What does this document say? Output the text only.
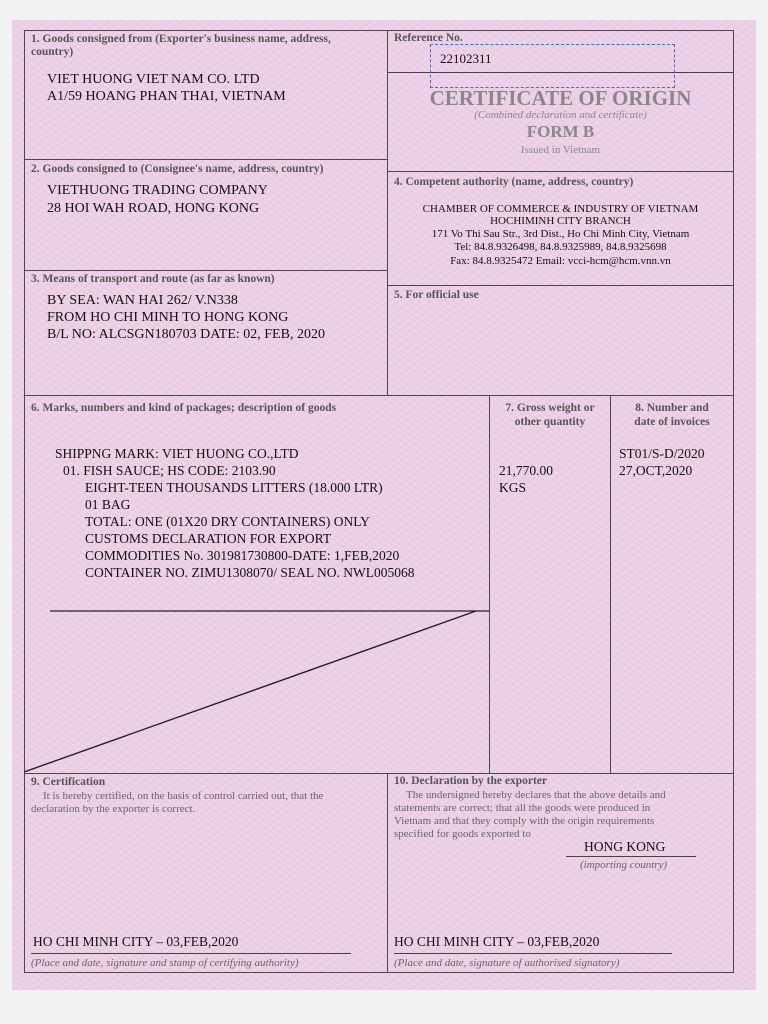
1. Goods consigned from (Exporter's business name, address,
country)
VIET HUONG VIET NAM CO. LTD
A1/59 HOANG PHAN THAI, VIETNAM
Reference No.
22102311
CERTIFICATE OF ORIGIN
(Combined declaration and certificate)
FORM B
Issued in Vietnam
2. Goods consigned to (Consignee's name, address, country)
VIETHUONG TRADING COMPANY
28 HOI WAH ROAD, HONG KONG
4. Competent authority (name, address, country)
CHAMBER OF COMMERCE & INDUSTRY OF VIETNAM
HOCHIMINH CITY BRANCH
171 Vo Thi Sau Str., 3rd Dist., Ho Chi Minh City, Vietnam
Tel: 84.8.9326498, 84.8.9325989, 84.8.9325698
Fax: 84.8.9325472 Email: vcci-hcm@hcm.vnn.vn
3. Means of transport and route (as far as known)
BY SEA: WAN HAI 262/ V.N338
FROM HO CHI MINH TO HONG KONG
B/L NO: ALCSGN180703 DATE: 02, FEB, 2020
5. For official use
6. Marks, numbers and kind of packages; description of goods
SHIPPNG MARK: VIET HUONG CO.,LTD
01. FISH SAUCE; HS CODE: 2103.90
EIGHT-TEEN THOUSANDS LITTERS (18.000 LTR)
01 BAG
TOTAL: ONE (01X20 DRY CONTAINERS) ONLY
CUSTOMS DECLARATION FOR EXPORT
COMMODITIES No. 301981730800-DATE: 1,FEB,2020
CONTAINER NO. ZIMU1308070/ SEAL NO. NWL005068
7. Gross weight or
other quantity
21,770.00
KGS
8. Number and
date of invoices
ST01/S-D/2020
27,OCT,2020
9. Certification
It is hereby certified, on the basis of control carried out, that the
declaration by the exporter is correct.
HO CHI MINH CITY – 03,FEB,2020
(Place and date, signature and stamp of certifying authority)
10. Declaration by the exporter
The undersigned hereby declares that the above details and
statements are correct; that all the goods were produced in
Vietnam and that they comply with the origin requirements
specified for goods exported to
HONG KONG
(importing country)
HO CHI MINH CITY – 03,FEB,2020
(Place and date, signature of authorised signatory)
